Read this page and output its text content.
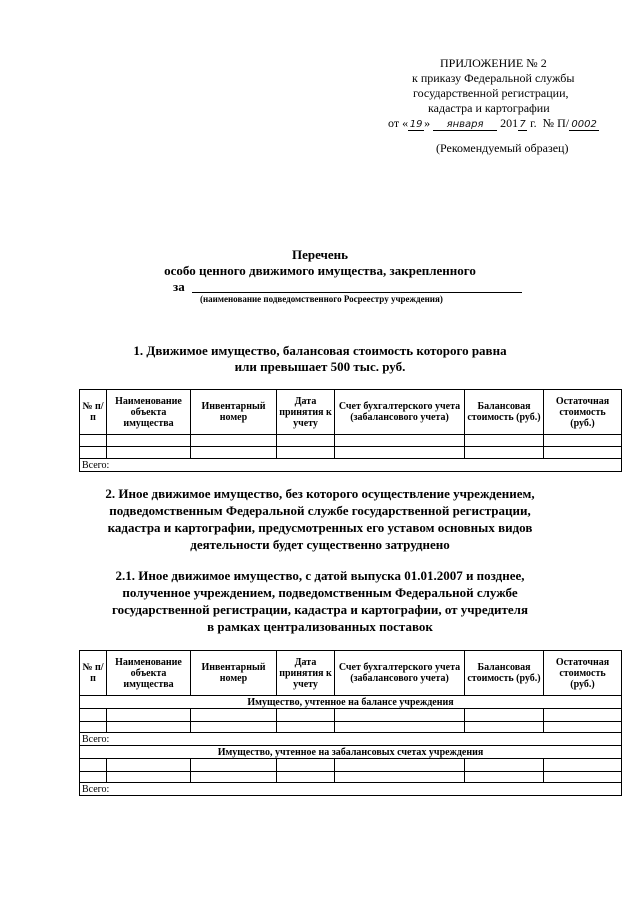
ПРИЛОЖЕНИЕ № 2
к приказу Федеральной службы
государственной регистрации,
кадастра и картографии
от « 19 » января 2017 г. № П/ 0002
(Рекомендуемый образец)
Перечень
особо ценного движимого имущества, закрепленного
за
(наименование подведомственного Росреестру учреждения)
1. Движимое имущество, балансовая стоимость которого равна
или превышает 500 тыс. руб.
№ п/п	Наименование объекта имущества	Инвентарный номер	Дата принятия к учету	Счет бухгалтерского учета (забалансового учета)	Балансовая стоимость (руб.)	Остаточная стоимость (руб.)

Всего:						
2. Иное движимое имущество, без которого осуществление учреждением,
подведомственным Федеральной службе государственной регистрации,
кадастра и картографии, предусмотренных его уставом основных видов
деятельности будет существенно затруднено
2.1. Иное движимое имущество, с датой выпуска 01.01.2007 и позднее,
полученное учреждением, подведомственным Федеральной службе
государственной регистрации, кадастра и картографии, от учредителя
в рамках централизованных поставок
№ п/п	Наименование объекта имущества	Инвентарный номер	Дата принятия к учету	Счет бухгалтерского учета (забалансового учета)	Балансовая стоимость (руб.)	Остаточная стоимость (руб.)
Имущество, учтенное на балансе учреждения						

Всего:						
Имущество, учтенное на забалансовых счетах учреждения						

Всего:						
